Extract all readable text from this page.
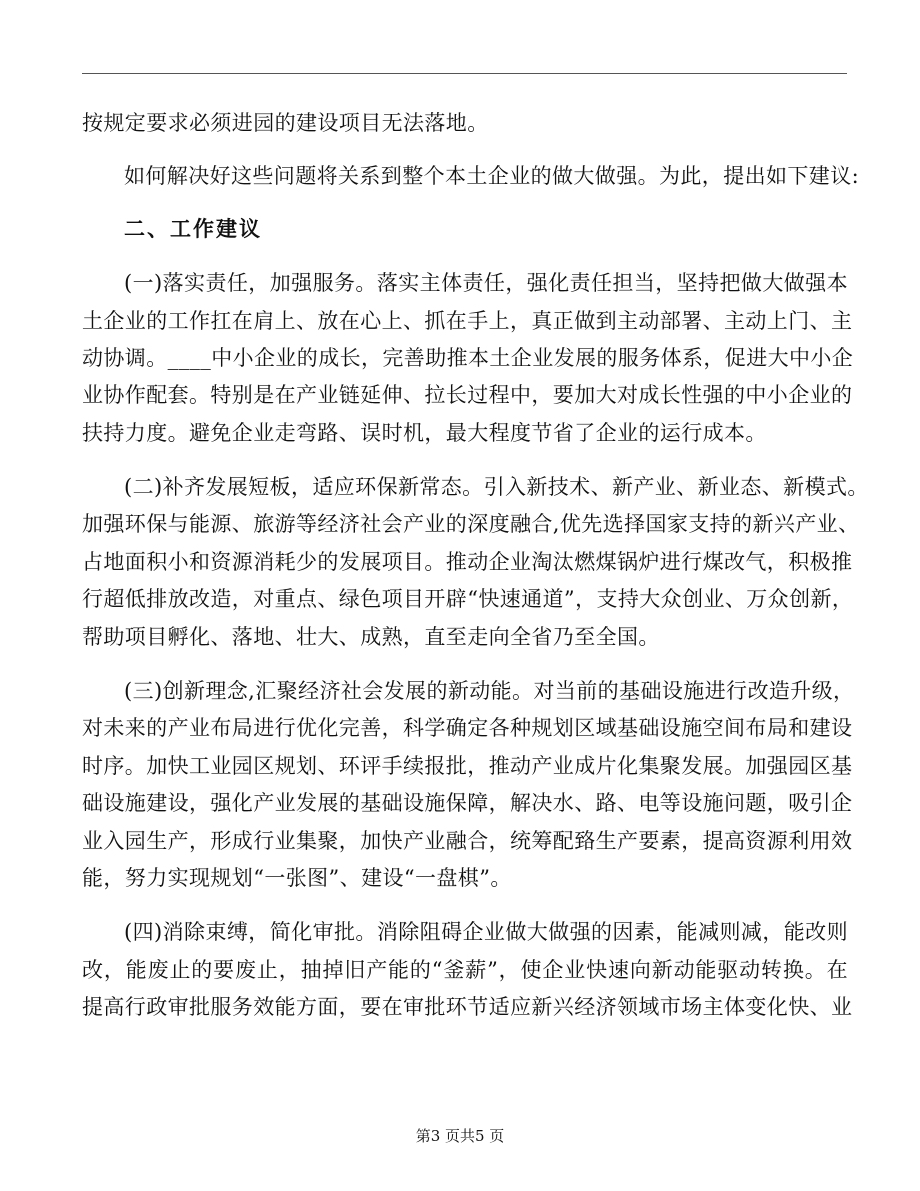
按规定要求必须进园的建设项目无法落地。

如何解决好这些问题将关系到整个本土企业的做大做强。为此，提出如下建议:

二、工作建议

(一)落实责任，加强服务。落实主体责任，强化责任担当，坚持把做大做强本

土企业的工作扛在肩上、放在心上、抓在手上，真正做到主动部署、主动上门、主

动协调。____中小企业的成长，完善助推本土企业发展的服务体系，促进大中小企

业协作配套。特别是在产业链延伸、拉长过程中，要加大对成长性强的中小企业的

扶持力度。避免企业走弯路、误时机，最大程度节省了企业的运行成本。

(二)补齐发展短板，适应环保新常态。引入新技术、新产业、新业态、新模式。

加强环保与能源、旅游等经济社会产业的深度融合,优先选择国家支持的新兴产业、

占地面积小和资源消耗少的发展项目。推动企业淘汰燃煤锅炉进行煤改气，积极推

行超低排放改造，对重点、绿色项目开辟“快速通道”，支持大众创业、万众创新，

帮助项目孵化、落地、壮大、成熟，直至走向全省乃至全国。

(三)创新理念,汇聚经济社会发展的新动能。对当前的基础设施进行改造升级，

对未来的产业布局进行优化完善，科学确定各种规划区域基础设施空间布局和建设

时序。加快工业园区规划、环评手续报批，推动产业成片化集聚发展。加强园区基

础设施建设，强化产业发展的基础设施保障，解决水、路、电等设施问题，吸引企

业入园生产，形成行业集聚，加快产业融合，统筹配臵生产要素，提高资源利用效

能，努力实现规划“一张图”、建设“一盘棋”。

(四)消除束缚，简化审批。消除阻碍企业做大做强的因素，能减则减，能改则

改，能废止的要废止，抽掉旧产能的“釜薪”，使企业快速向新动能驱动转换。在

提高行政审批服务效能方面，要在审批环节适应新兴经济领域市场主体变化快、业

第3 页共5 页
